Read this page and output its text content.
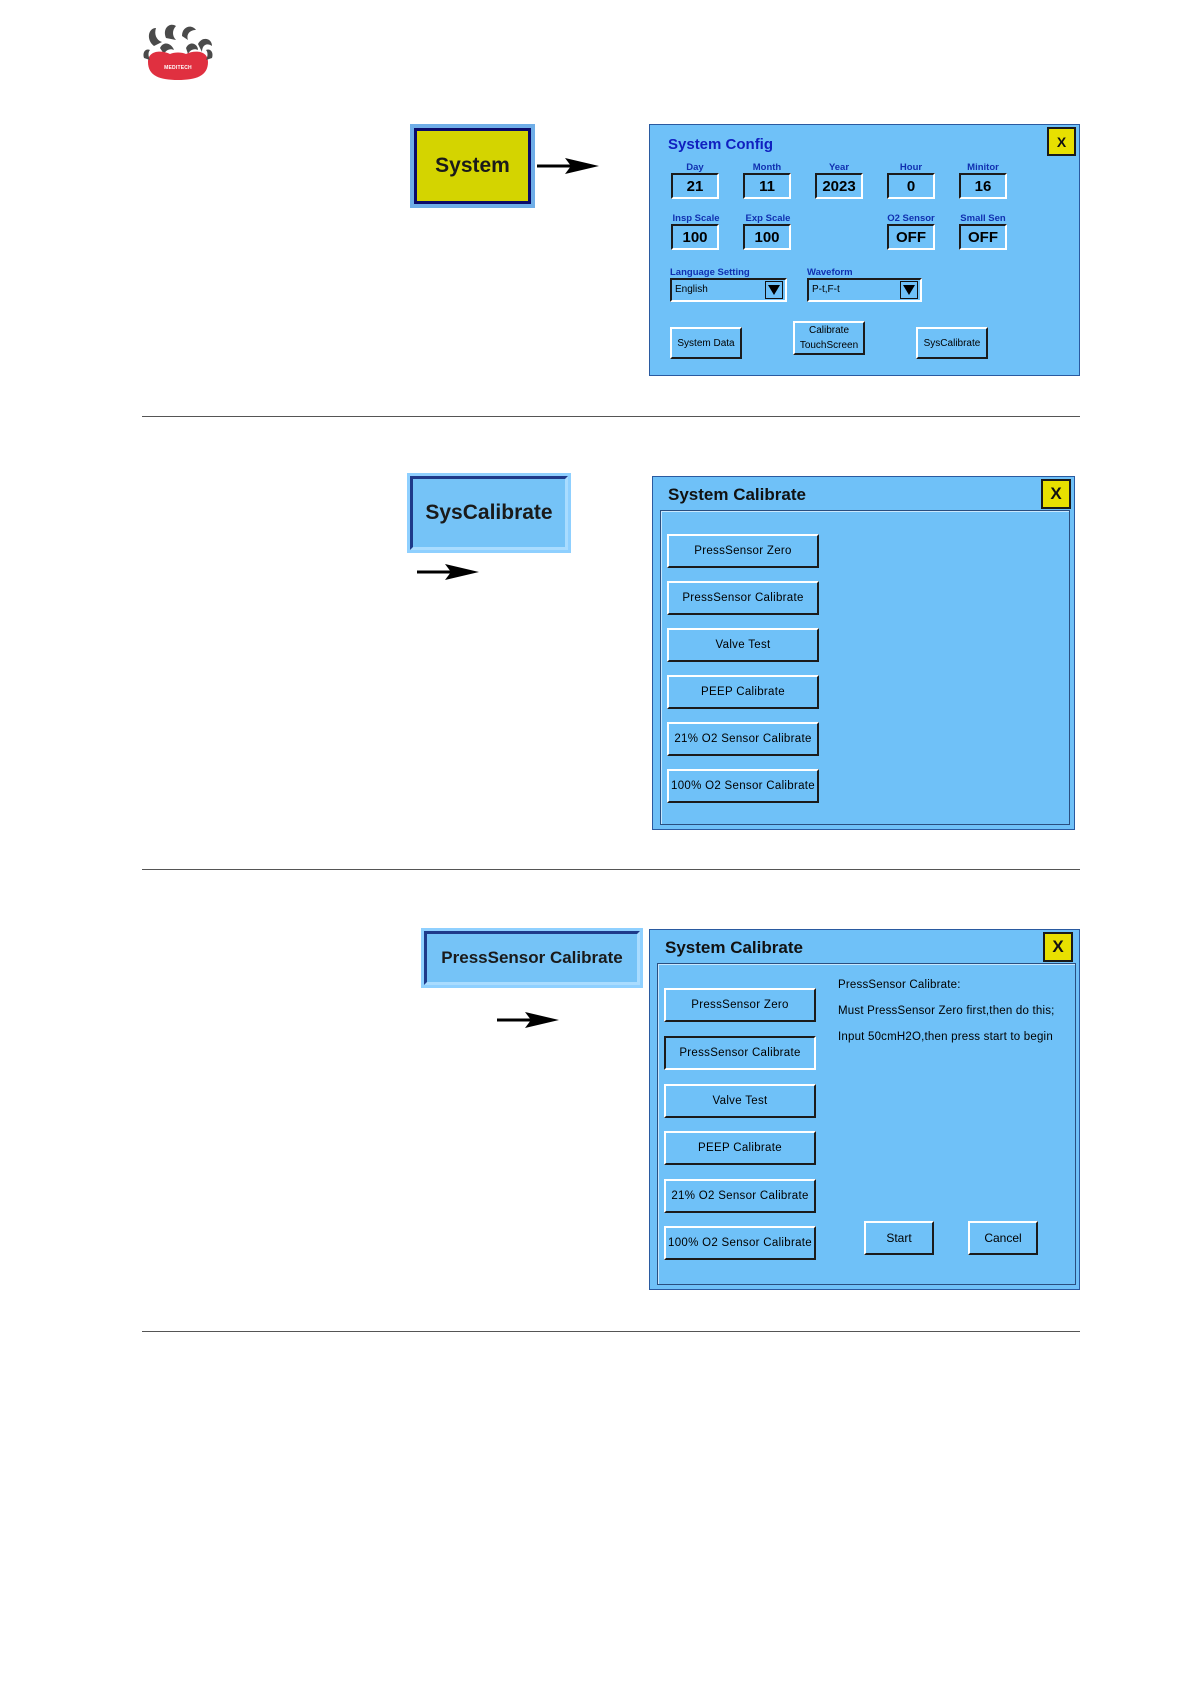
MEDITECH
System
System Config	X
Day
21
Month
11
Year
2023
Hour
0
Minitor
16
Insp Scale
100
Exp Scale
100
O2 Sensor
OFF
Small Sen
OFF
Language Setting
English
Waveform
P-t,F-t
System Data
Calibrate
TouchScreen	SysCalibrate
SysCalibrate
System Calibrate	X
PressSensor Zero
PressSensor Calibrate
Valve Test
PEEP Calibrate
21% O2 Sensor Calibrate
100% O2 Sensor Calibrate
PressSensor Calibrate
System Calibrate	X
PressSensor Zero
PressSensor Calibrate
Valve Test
PEEP Calibrate
21% O2 Sensor Calibrate
100% O2 Sensor Calibrate
PressSensor Calibrate:
Must PressSensor Zero first,then do this;
Input 50cmH2O,then press start to begin
Start	Cancel
